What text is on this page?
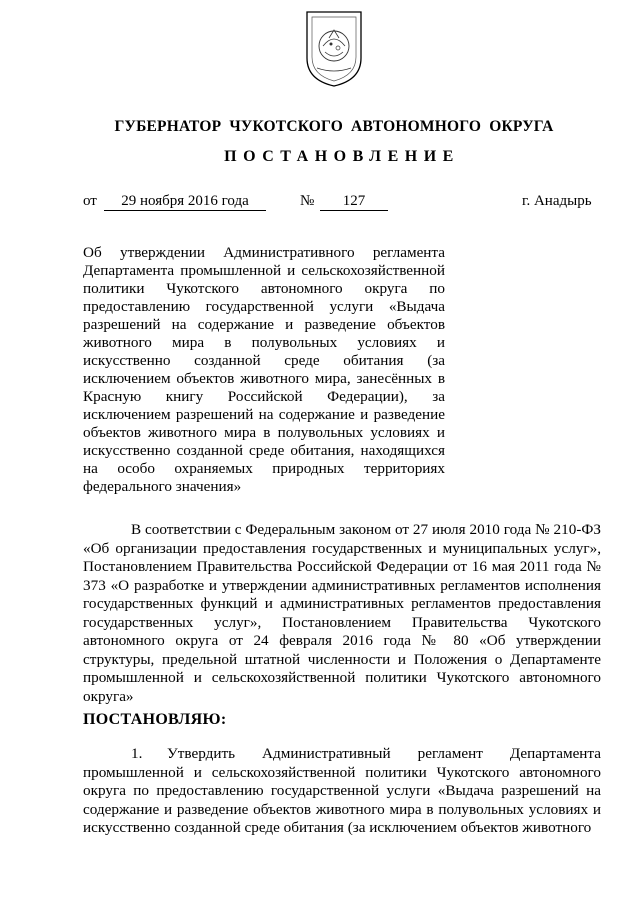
ГУБЕРНАТОР ЧУКОТСКОГО АВТОНОМНОГО ОКРУГА
ПОСТАНОВЛЕНИЕ
от	29 ноября 2016 года	№	127	г. Анадырь
Об утверждении Административного регламента Департамента промышленной и сельскохозяйственной политики Чукотского автономного округа по предоставлению государственной услуги «Выдача разрешений на содержание и разведение объектов животного мира в полувольных условиях и искусственно созданной среде обитания (за исключением объектов животного мира, занесённых в Красную книгу Российской Федерации), за исключением разрешений на содержание и разведение объектов животного мира в полувольных условиях и искусственно созданной среде обитания, находящихся на особо охраняемых природных территориях федерального значения»
В соответствии с Федеральным законом от 27 июля 2010 года № 210-ФЗ «Об организации предоставления государственных и муниципальных услуг», Постановлением Правительства Российской Федерации от 16 мая 2011 года № 373 «О разработке и утверждении административных регламентов исполнения государственных функций и административных регламентов предоставления государственных услуг», Постановлением Правительства Чукотского автономного округа от 24 февраля 2016 года № 80 «Об утверждении структуры, предельной штатной численности и Положения о Департаменте промышленной и сельскохозяйственной политики Чукотского автономного округа»
ПОСТАНОВЛЯЮ:
1. Утвердить Административный регламент Департамента промышленной и сельскохозяйственной политики Чукотского автономного округа по предоставлению государственной услуги «Выдача разрешений на содержание и разведение объектов животного мира в полувольных условиях и искусственно созданной среде обитания (за исключением объектов животного
